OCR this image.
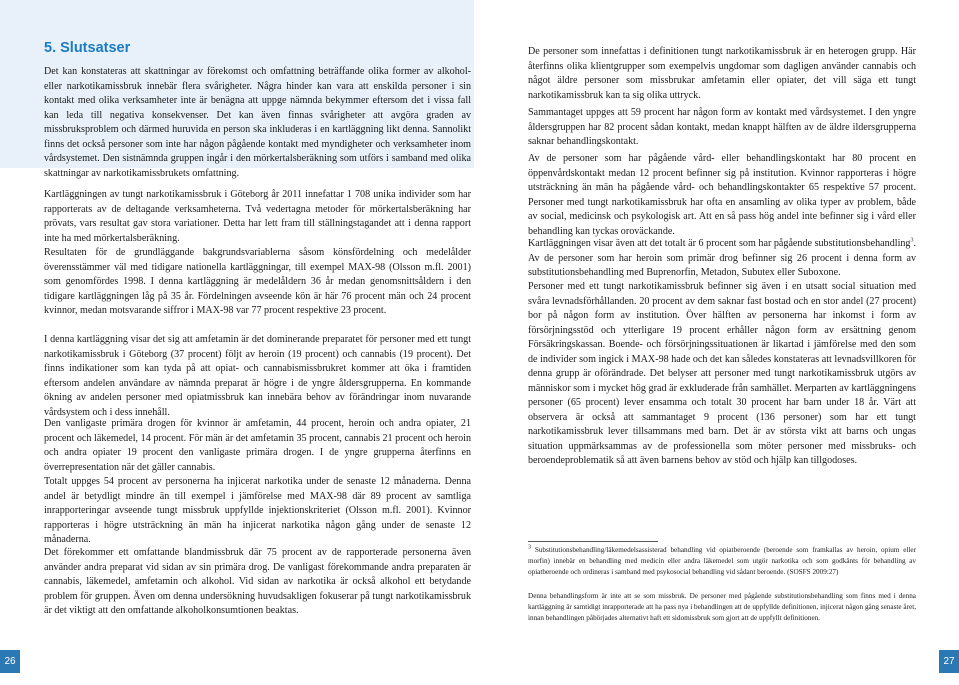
5. Slutsatser

Det kan konstateras att skattningar av förekomst och omfattning beträffande olika former av alkohol- eller narkotikamissbruk innebär flera svårigheter. Några hinder kan vara att enskilda personer i sin kontakt med olika verksamheter inte är benägna att uppge nämnda bekymmer eftersom det i vissa fall kan leda till negativa konsekvenser. Det kan även finnas svårigheter att avgöra graden av missbruksproblem och därmed huruvida en person ska inkluderas i en kartläggning likt denna. Sannolikt finns det också personer som inte har någon pågående kontakt med myndigheter och verksamheter inom vårdsystemet. Den sistnämnda gruppen ingår i den mörkertalsberäkning som utförs i samband med olika skattningar av narkotikamissbrukets omfattning.

Kartläggningen av tungt narkotikamissbruk i Göteborg år 2011 innefattar 1 708 unika individer som har rapporterats av de deltagande verksamheterna. Två vedertagna metoder för mörkertalsberäkning har prövats, vars resultat gav stora variationer. Detta har lett fram till ställningstagandet att i denna rapport inte ha med mörkertalsberäkning.

Resultaten för de grundläggande bakgrundsvariablerna såsom könsfördelning och medelålder överensstämmer väl med tidigare nationella kartläggningar, till exempel MAX-98 (Olsson m.fl. 2001) som genomfördes 1998. I denna kartläggning är medelåldern 36 år medan genomsnittsåldern i den tidigare kartläggningen låg på 35 år. Fördelningen avseende kön är här 76 procent män och 24 procent kvinnor, medan motsvarande siffror i MAX-98 var 77 procent respektive 23 procent.

I denna kartläggning visar det sig att amfetamin är det dominerande preparatet för personer med ett tungt narkotikamissbruk i Göteborg (37 procent) följt av heroin (19 procent) och cannabis (19 procent). Det finns indikationer som kan tyda på att opiat- och cannabismissbrukret kommer att öka i framtiden eftersom andelen användare av nämnda preparat är högre i de yngre åldersgrupperna. En kommande ökning av andelen personer med opiatmissbruk kan innebära behov av förändringar inom nuvarande vårdsystem och i dess innehåll.

Den vanligaste primära drogen för kvinnor är amfetamin, 44 procent, heroin och andra opiater, 21 procent och läkemedel, 14 procent. För män är det amfetamin 35 procent, cannabis 21 procent och heroin och andra opiater 19 procent den vanligaste primära drogen. I de yngre grupperna återfinns en överrepresentation när det gäller cannabis.

Totalt uppges 54 procent av personerna ha injicerat narkotika under de senaste 12 månaderna. Denna andel är betydligt mindre än till exempel i jämförelse med MAX-98 där 89 procent av samtliga inrapporteringar avseende tungt missbruk uppfyllde injektionskriteriet (Olsson m.fl. 2001). Kvinnor rapporteras i högre utsträckning än män ha injicerat narkotika någon gång under de senaste 12 månaderna.

Det förekommer ett omfattande blandmissbruk där 75 procent av de rapporterade personerna även använder andra preparat vid sidan av sin primära drog. De vanligast förekommande andra preparaten är cannabis, läkemedel, amfetamin och alkohol. Vid sidan av narkotika är också alkohol ett betydande problem för gruppen. Även om denna undersökning huvudsakligen fokuserar på tungt narkotikamissbruk är det viktigt att den omfattande alkoholkonsumtionen beaktas.

De personer som innefattas i definitionen tungt narkotikamissbruk är en heterogen grupp. Här återfinns olika klientgrupper som exempelvis ungdomar som dagligen använder cannabis och något äldre personer som missbrukar amfetamin eller opiater, det vill säga ett tungt narkotikamissbruk kan ta sig olika uttryck.

Sammantaget uppges att 59 procent har någon form av kontakt med vårdsystemet. I den yngre åldersgruppen har 82 procent sådan kontakt, medan knappt hälften av de äldre ildersgrupperna saknar behandlingskontakt.

Av de personer som har pågående vård- eller behandlingskontakt har 80 procent en öppenvårdskontakt medan 12 procent befinner sig på institution. Kvinnor rapporteras i högre utsträckning än män ha pågående vård- och behandlingskontakter 65 respektive 57 procent. Personer med tungt narkotikamissbruk har ofta en ansamling av olika typer av problem, både av social, medicinsk och psykologisk art. Att en så pass hög andel inte befinner sig i vård eller behandling kan tyckas oroväckande.

Kartläggningen visar även att det totalt är 6 procent som har pågående substitutionsbehandling$^3$. Av de personer som har heroin som primär drog befinner sig 26 procent i denna form av substitutionsbehandling med Buprenorfin, Metadon, Subutex eller Suboxone.

Personer med ett tungt narkotikamissbruk befinner sig även i en utsatt social situation med svåra levnadsförhållanden. 20 procent av dem saknar fast bostad och en stor andel (27 procent) bor på någon form av institution. Över hälften av personerna har inkomst i form av försörjningsstöd och ytterligare 19 procent erhåller någon form av ersättning genom Försäkringskassan. Boende- och försörjningssituationen är likartad i jämförelse med den som de individer som ingick i MAX-98 hade och det kan således konstateras att levnadsvillkoren för denna grupp är oförändrade. Det belyser att personer med tungt narkotikamissbruk utgörs av människor som i mycket hög grad är exkluderade från samhället. Merparten av kartläggningens personer (65 procent) lever ensamma och totalt 30 procent har barn under 18 år. Värt att observera är också att sammantaget 9 procent (136 personer) som har ett tungt narkotikamissbruk lever tillsammans med barn. Det är av största vikt att barns och ungas situation uppmärksammas av de professionella som möter personer med missbruks- och beroendeproblematik så att även barnens behov av stöd och hjälp kan tillgodoses.

$^3$ Substitutionsbehandling/läkemedelsassisterad behandling vid opiatberoende (beroende som framkallas av heroin, opium eller morfin) innebär en behandling med medicin eller andra läkemedel som utgör narkotika och som godkänts för behandling av opiatberoende och ordineras i samband med psykosocial behandling vid sådant beroende. (SOSFS 2009:27)

Denna behandlingsform är inte att se som missbruk. De personer med pågående substitutionsbehandling som finns med i denna kartläggning är samtidigt inrapporterade att ha pass nya i behandlingen att de uppfyllde definitionen, injicerat någon gång senaste året, innan behandlingen påbörjades alternativt haft ett sidomissbruk som gjort att de uppfyllt definitionen.

26	27
